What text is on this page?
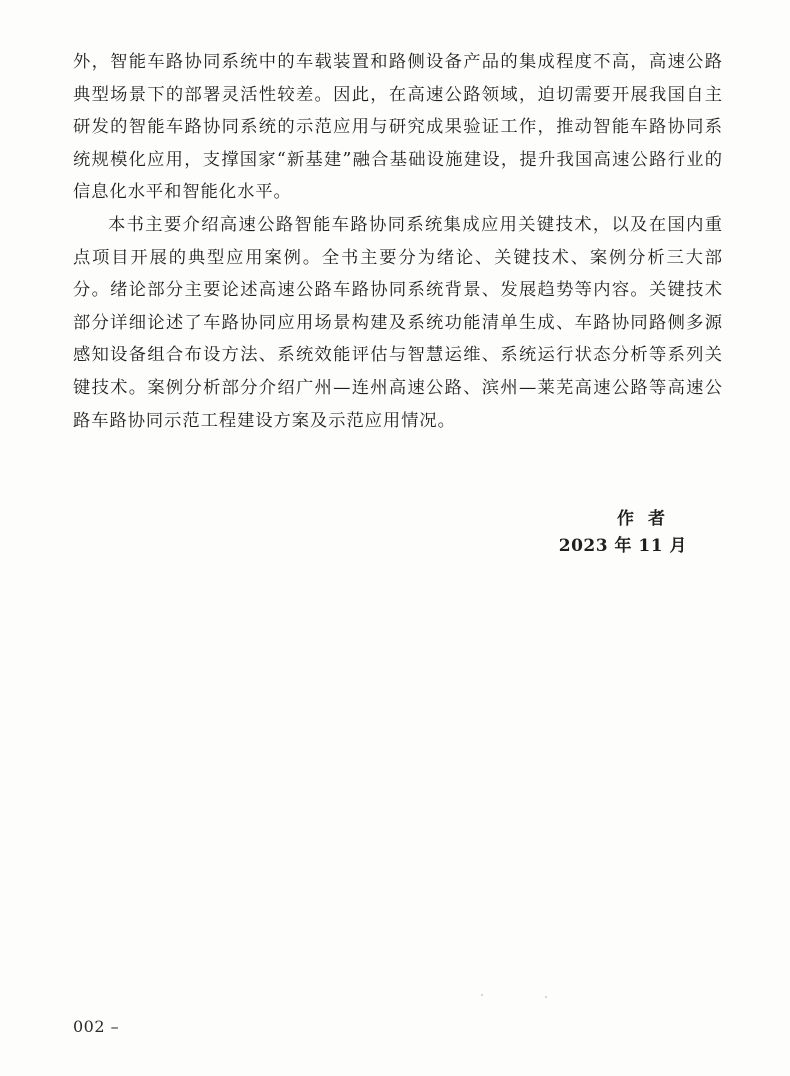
外，智能车路协同系统中的车载装置和路侧设备产品的集成程度不高，高速公路典型场景下的部署灵活性较差。因此，在高速公路领域，迫切需要开展我国自主研发的智能车路协同系统的示范应用与研究成果验证工作，推动智能车路协同系统规模化应用，支撑国家“新基建”融合基础设施建设，提升我国高速公路行业的信息化水平和智能化水平。

本书主要介绍高速公路智能车路协同系统集成应用关键技术，以及在国内重点项目开展的典型应用案例。全书主要分为绪论、关键技术、案例分析三大部分。绪论部分主要论述高速公路车路协同系统背景、发展趋势等内容。关键技术部分详细论述了车路协同应用场景构建及系统功能清单生成、车路协同路侧多源感知设备组合布设方法、系统效能评估与智慧运维、系统运行状态分析等系列关键技术。案例分析部分介绍广州—连州高速公路、滨州—莱芜高速公路等高速公路车路协同示范工程建设方案及示范应用情况。

作者
2023 年 11 月
002 –
